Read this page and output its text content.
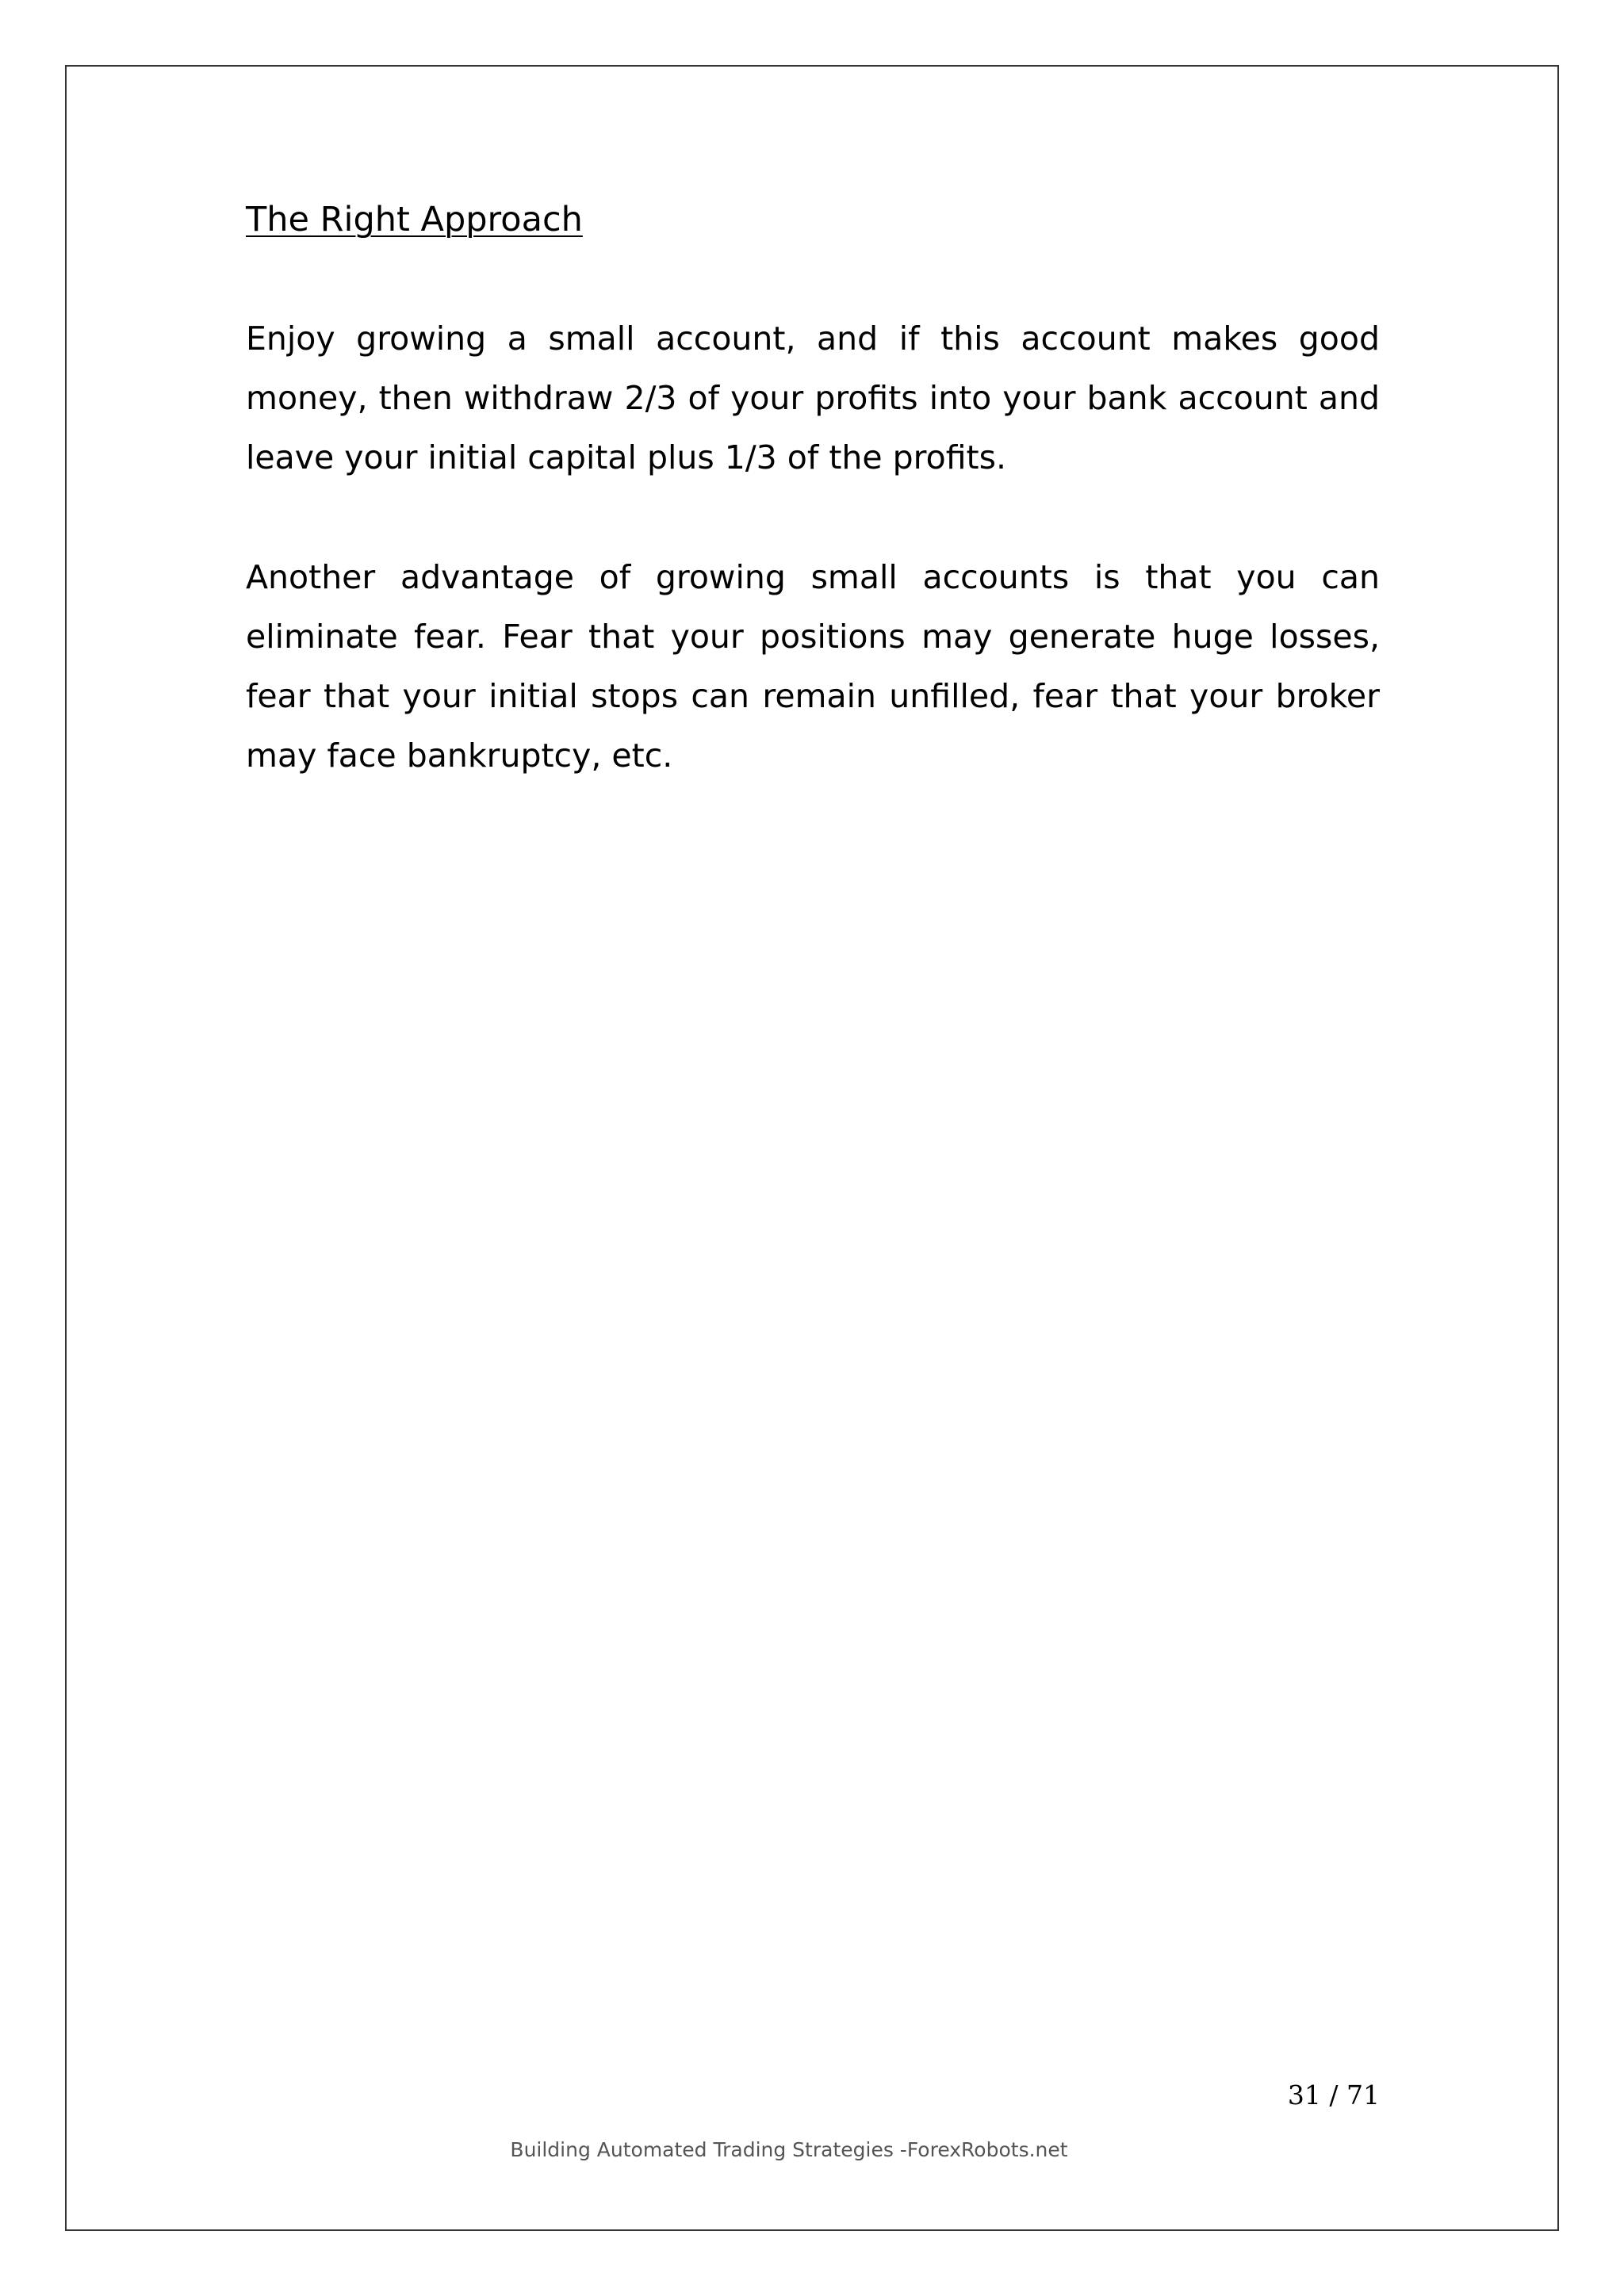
The Right Approach

Enjoy growing a small account, and if this account makes good money, then withdraw 2/3 of your profits into your bank account and leave your initial capital plus 1/3 of the profits.

Another advantage of growing small accounts is that you can eliminate fear. Fear that your positions may generate huge losses, fear that your initial stops can remain unfilled, fear that your broker may face bankruptcy, etc.

31 / 71
Building Automated Trading Strategies -ForexRobots.net
